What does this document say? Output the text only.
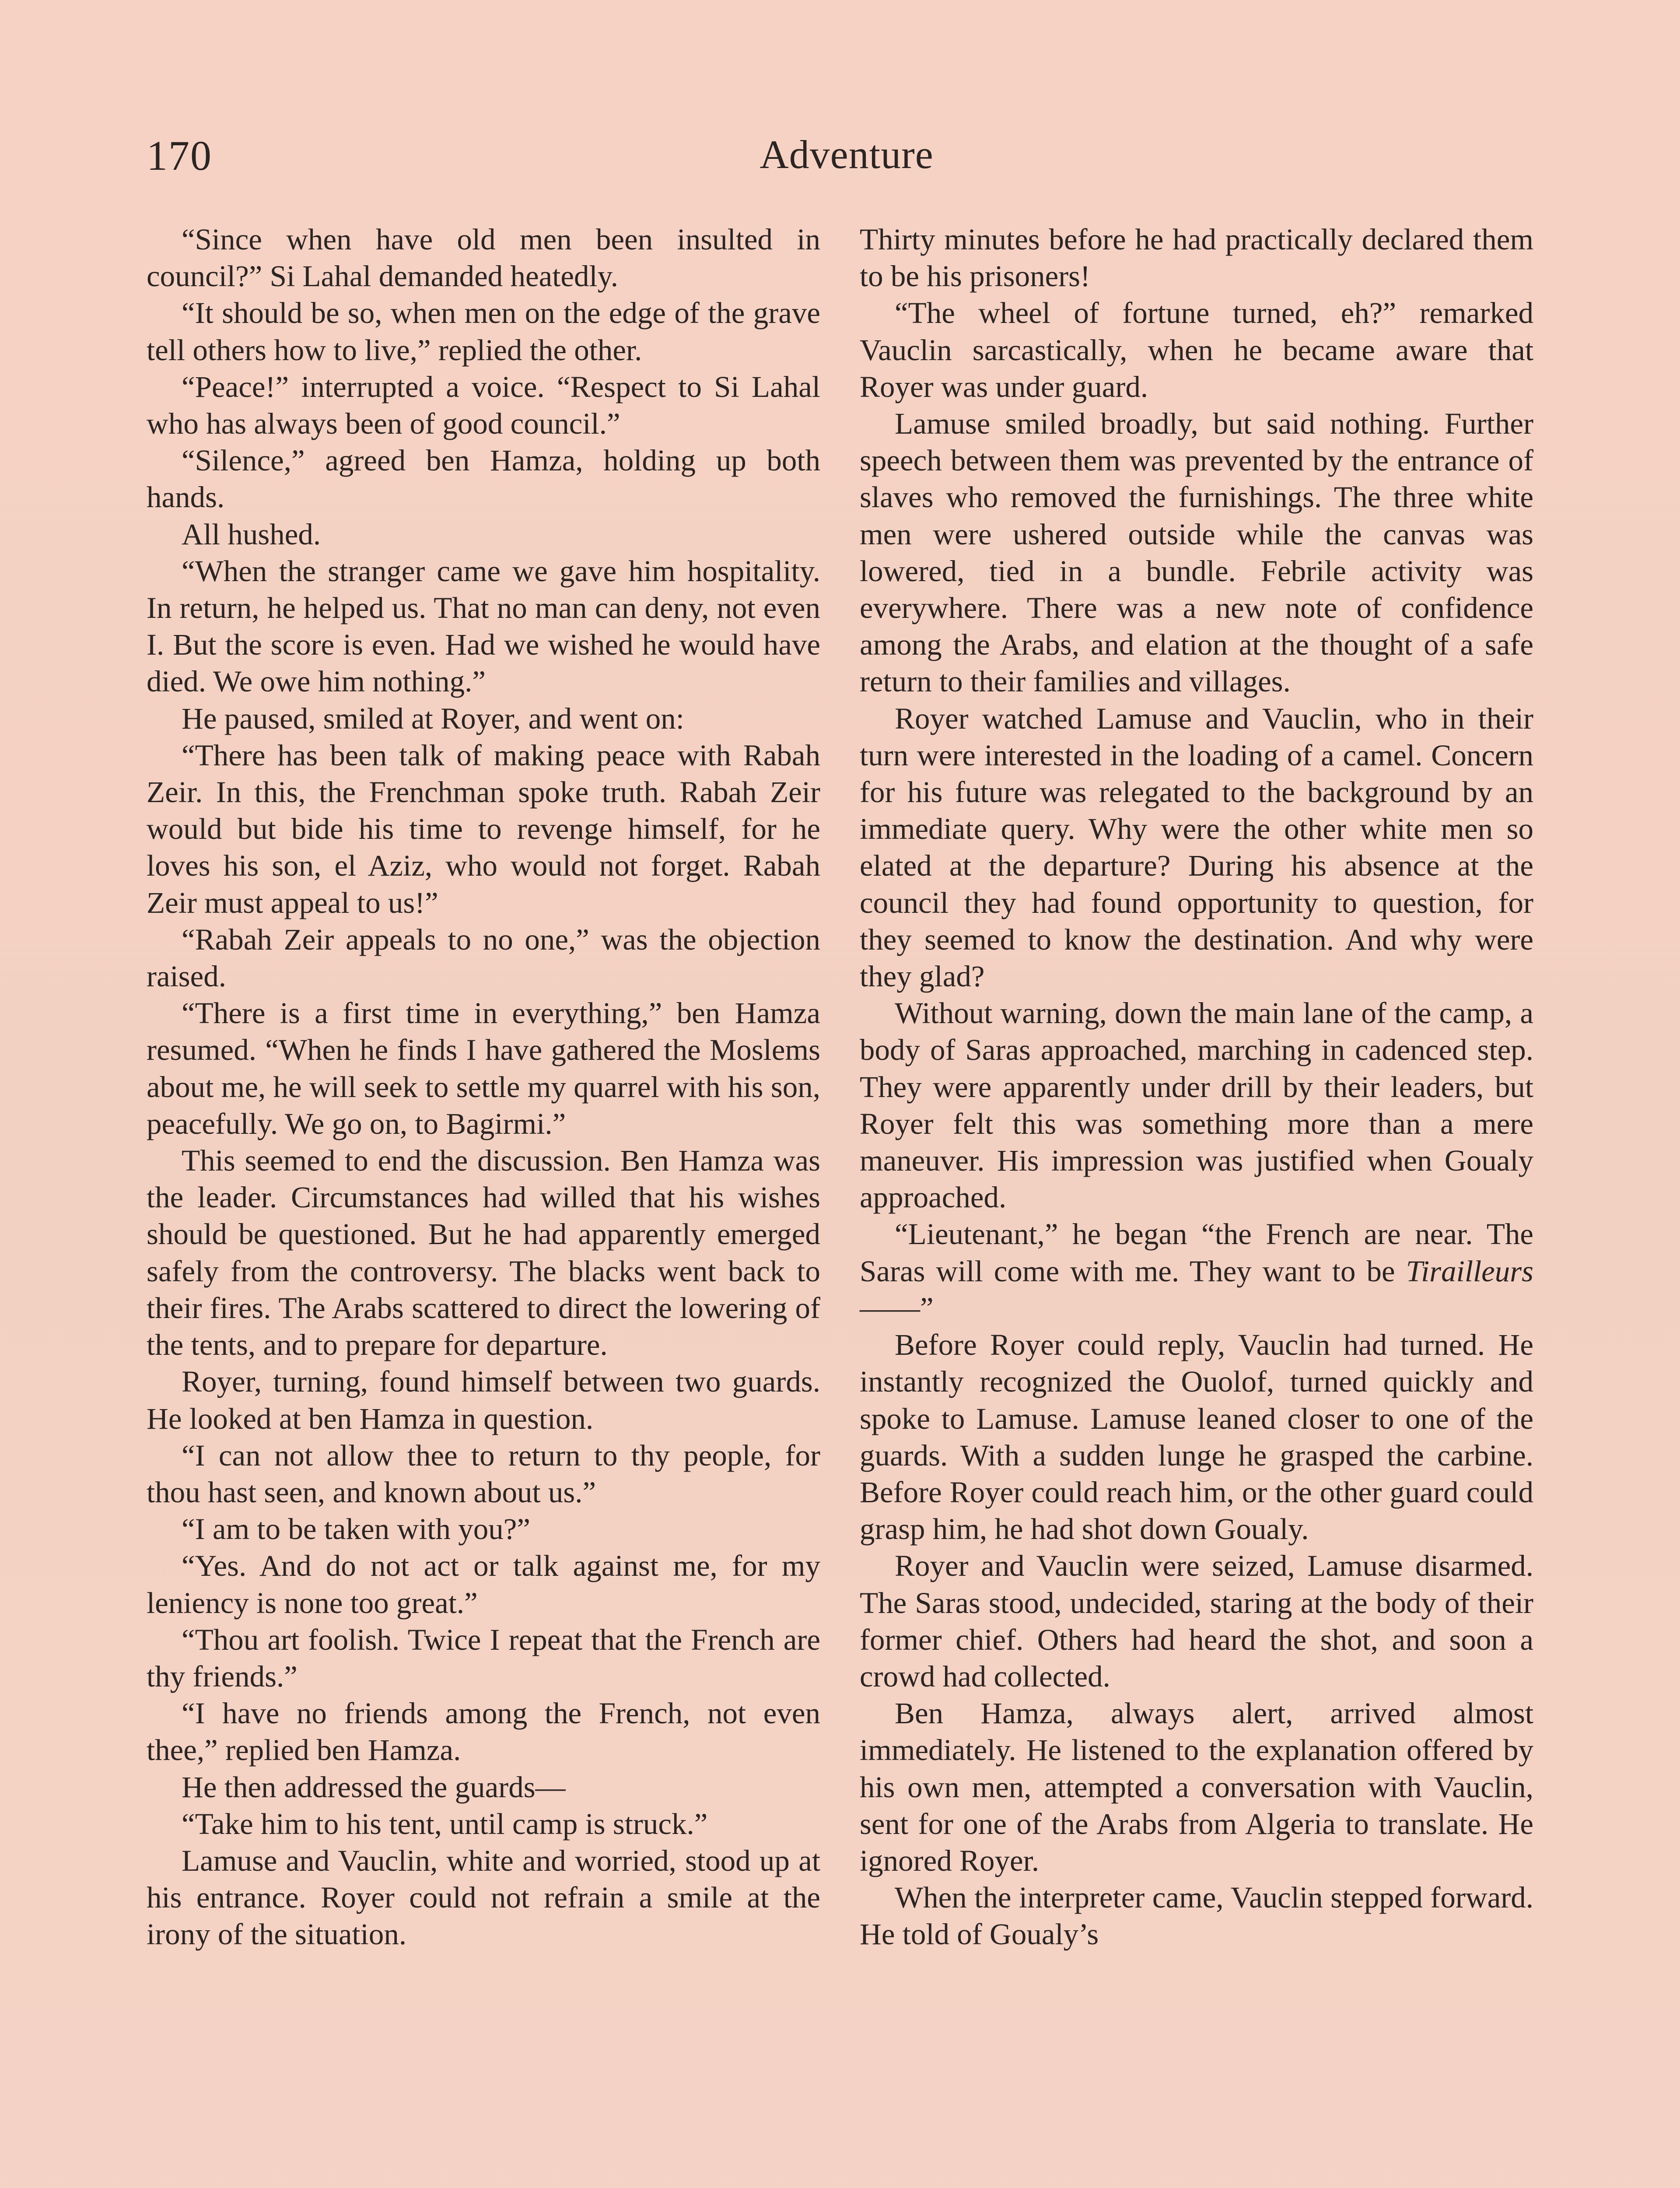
170	Adventure

“Since when have old men been insulted in council?” Si Lahal demanded heatedly.

“It should be so, when men on the edge of the grave tell others how to live,” replied the other.

“Peace!” interrupted a voice. “Respect to Si Lahal who has always been of good council.”

“Silence,” agreed ben Hamza, holding up both hands.

All hushed.

“When the stranger came we gave him hospitality. In return, he helped us. That no man can deny, not even I. But the score is even. Had we wished he would have died. We owe him nothing.”

He paused, smiled at Royer, and went on:

“There has been talk of making peace with Rabah Zeir. In this, the Frenchman spoke truth. Rabah Zeir would but bide his time to revenge himself, for he loves his son, el Aziz, who would not forget. Rabah Zeir must appeal to us!”

“Rabah Zeir appeals to no one,” was the objection raised.

“There is a first time in everything,” ben Hamza resumed. “When he finds I have gathered the Moslems about me, he will seek to settle my quarrel with his son, peacefully. We go on, to Bagirmi.”

This seemed to end the discussion. Ben Hamza was the leader. Circumstances had willed that his wishes should be questioned. But he had apparently emerged safely from the controversy. The blacks went back to their fires. The Arabs scattered to direct the lowering of the tents, and to prepare for departure.

Royer, turning, found himself between two guards. He looked at ben Hamza in question.

“I can not allow thee to return to thy people, for thou hast seen, and known about us.”

“I am to be taken with you?”

“Yes. And do not act or talk against me, for my leniency is none too great.”

“Thou art foolish. Twice I repeat that the French are thy friends.”

“I have no friends among the French, not even thee,” replied ben Hamza.

He then addressed the guards—

“Take him to his tent, until camp is struck.”

Lamuse and Vauclin, white and worried, stood up at his entrance. Royer could not refrain a smile at the irony of the situation.

Thirty minutes before he had practically declared them to be his prisoners!

“The wheel of fortune turned, eh?” remarked Vauclin sarcastically, when he became aware that Royer was under guard.

Lamuse smiled broadly, but said nothing. Further speech between them was prevented by the entrance of slaves who removed the furnishings. The three white men were ushered outside while the canvas was lowered, tied in a bundle. Febrile activity was everywhere. There was a new note of confidence among the Arabs, and elation at the thought of a safe return to their families and villages.

Royer watched Lamuse and Vauclin, who in their turn were interested in the loading of a camel. Concern for his future was relegated to the background by an immediate query. Why were the other white men so elated at the departure? During his absence at the council they had found opportunity to question, for they seemed to know the destination. And why were they glad?

Without warning, down the main lane of the camp, a body of Saras approached, marching in cadenced step. They were apparently under drill by their leaders, but Royer felt this was something more than a mere maneuver. His impression was justified when Goualy approached.

“Lieutenant,” he began “the French are near. The Saras will come with me. They want to be Tirailleurs——”

Before Royer could reply, Vauclin had turned. He instantly recognized the Ouolof, turned quickly and spoke to Lamuse. Lamuse leaned closer to one of the guards. With a sudden lunge he grasped the carbine. Before Royer could reach him, or the other guard could grasp him, he had shot down Goualy.

Royer and Vauclin were seized, Lamuse disarmed. The Saras stood, undecided, staring at the body of their former chief. Others had heard the shot, and soon a crowd had collected.

Ben Hamza, always alert, arrived almost immediately. He listened to the explanation offered by his own men, attempted a conversation with Vauclin, sent for one of the Arabs from Algeria to translate. He ignored Royer.

When the interpreter came, Vauclin stepped forward. He told of Goualy’s
